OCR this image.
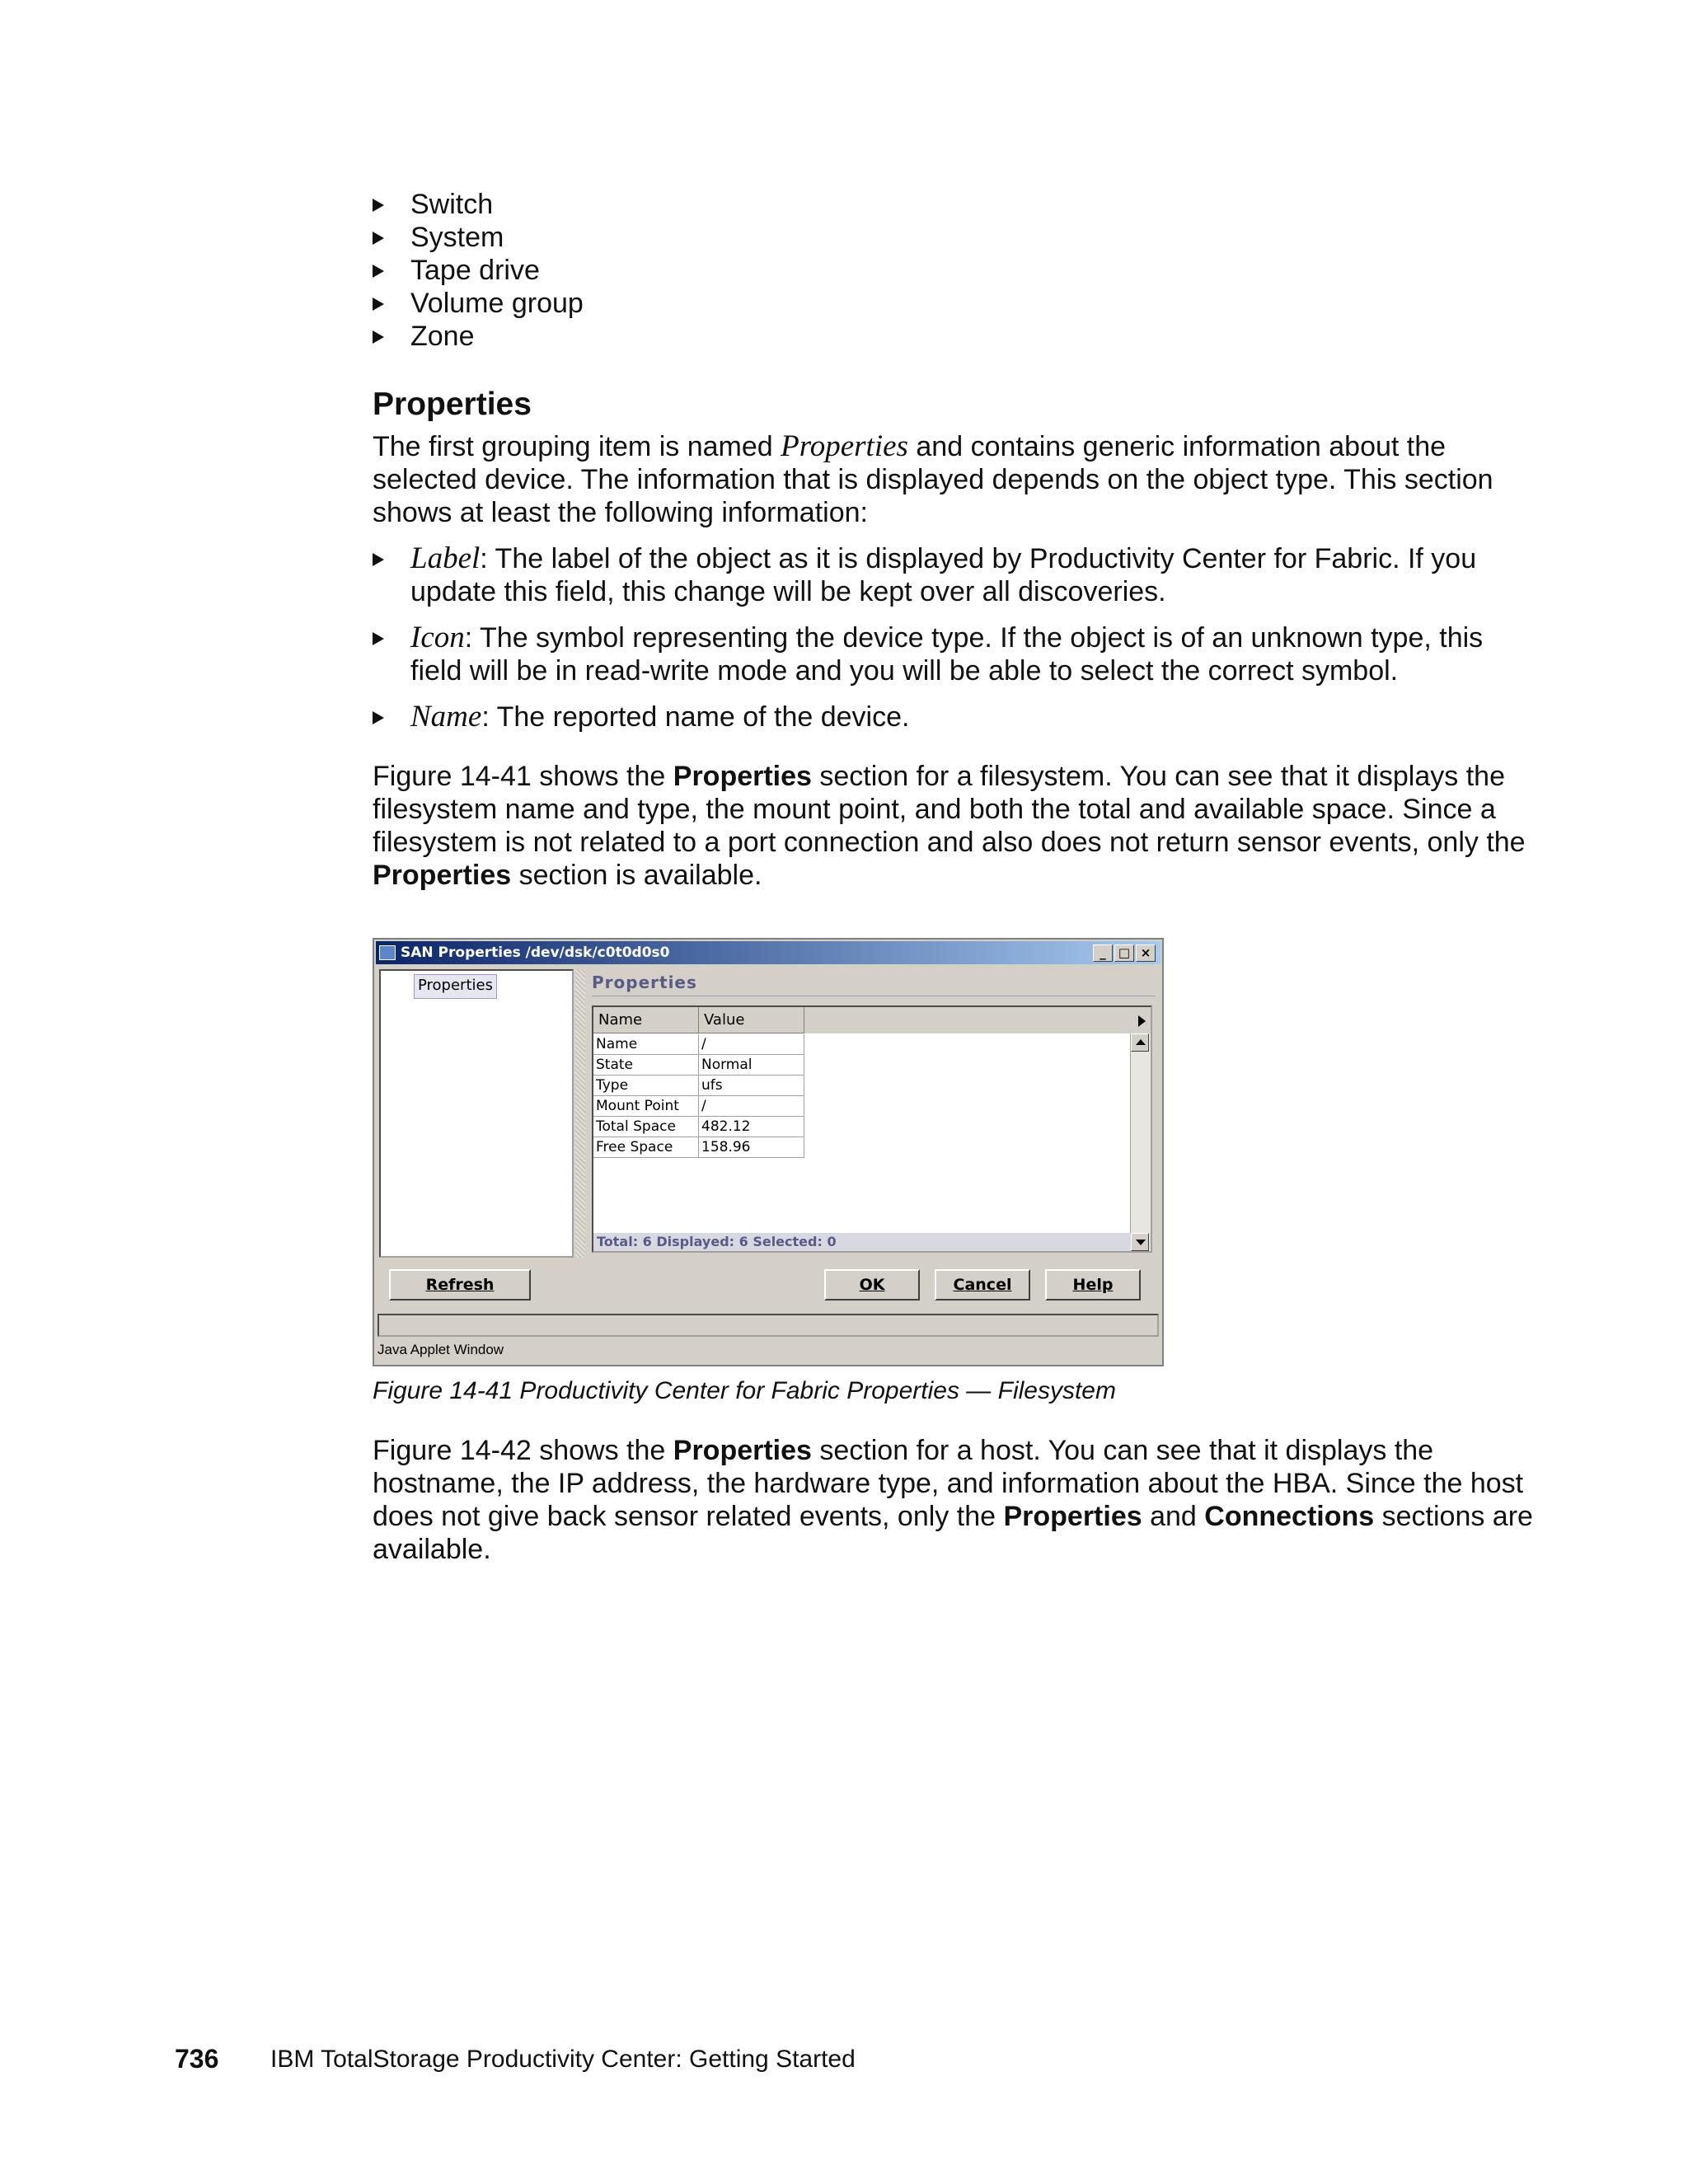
Switch
System
Tape drive
Volume group
Zone
Properties

The first grouping item is named Properties and contains generic information about the

selected device. The information that is displayed depends on the object type. This section

shows at least the following information:

Label: The label of the object as it is displayed by Productivity Center for Fabric. If you
update this field, this change will be kept over all discoveries.
Icon: The symbol representing the device type. If the object is of an unknown type, this
field will be in read-write mode and you will be able to select the correct symbol.
Name: The reported name of the device.

Figure 14-41 shows the Properties section for a filesystem. You can see that it displays the

filesystem name and type, the mount point, and both the total and available space. Since a

filesystem is not related to a port connection and also does not return sensor events, only the

Properties section is available.

SAN Properties /dev/dsk/c0t0d0s0	_	□ ×
Properties	Properties
Name	Value
Name	/
State	Normal
Type	ufs
Mount Point	/
Total Space	482.12
Free Space	158.96
Total: 6 Displayed: 6 Selected: 0
Refresh	OK	Cancel	Help
Java Applet Window
Figure 14-41 Productivity Center for Fabric Properties — Filesystem

Figure 14-42 shows the Properties section for a host. You can see that it displays the

hostname, the IP address, the hardware type, and information about the HBA. Since the host

does not give back sensor related events, only the Properties and Connections sections are

available.

736 IBM TotalStorage Productivity Center: Getting Started
